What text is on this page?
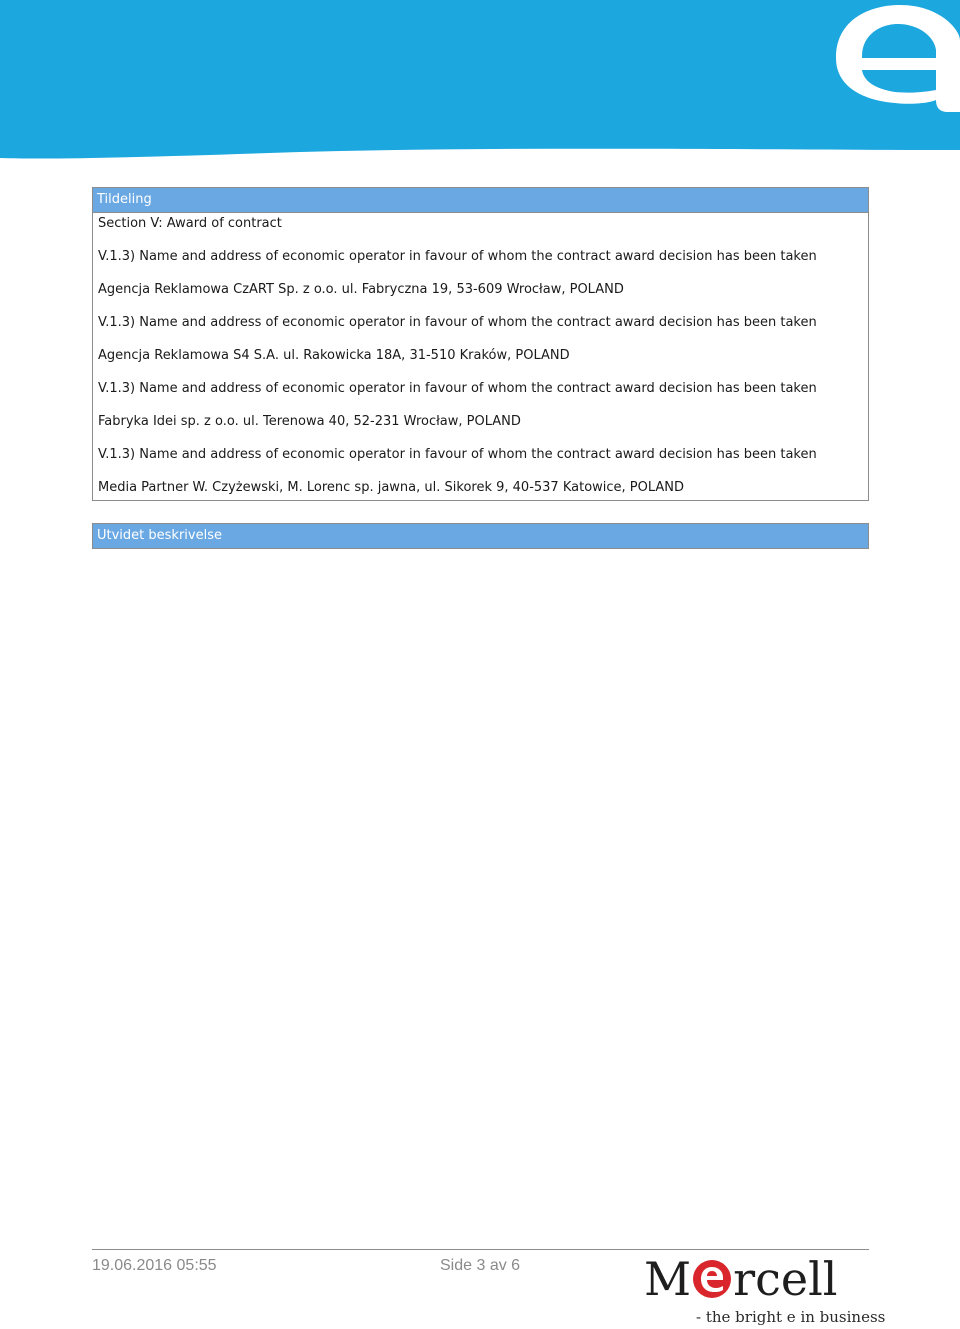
Tildeling
Section V: Award of contract
V.1.3) Name and address of economic operator in favour of whom the contract award decision has been taken
Agencja Reklamowa CzART Sp. z o.o. ul. Fabryczna 19, 53-609 Wrocław, POLAND
V.1.3) Name and address of economic operator in favour of whom the contract award decision has been taken
Agencja Reklamowa S4 S.A. ul. Rakowicka 18A, 31-510 Kraków, POLAND
V.1.3) Name and address of economic operator in favour of whom the contract award decision has been taken
Fabryka Idei sp. z o.o. ul. Terenowa 40, 52-231 Wrocław, POLAND
V.1.3) Name and address of economic operator in favour of whom the contract award decision has been taken
Media Partner W. Czyżewski, M. Lorenc sp. jawna, ul. Sikorek 9, 40-537 Katowice, POLAND
Utvidet beskrivelse
19.06.2016 05:55	Side 3 av 6	M rcell
- the bright e in business
